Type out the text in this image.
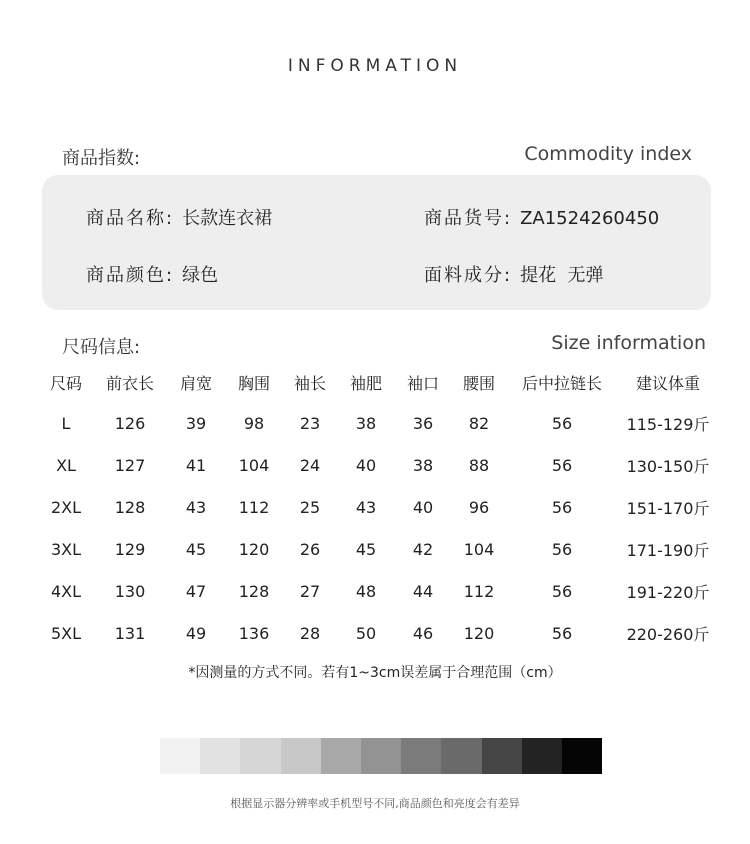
INFORMATION
商品指数:	Commodity index
商品名称: 长款连衣裙	商品货号: ZA1524260450
商品颜色: 绿色	面料成分: 提花  无弹
尺码信息:	Size information
尺码	前衣长	肩宽	胸围	袖长	袖肥	袖口	腰围	后中拉链长	建议体重
L	126	39	98	23	38	36	82	56	115-129斤
XL	127	41	104	24	40	38	88	56	130-150斤
2XL	128	43	112	25	43	40	96	56	151-170斤
3XL	129	45	120	26	45	42	104	56	171-190斤
4XL	130	47	128	27	48	44	112	56	191-220斤
5XL	131	49	136	28	50	46	120	56	220-260斤
*因测量的方式不同。若有1~3cm误差属于合理范围（cm）
根据显示器分辨率或手机型号不同,商品颜色和亮度会有差异
